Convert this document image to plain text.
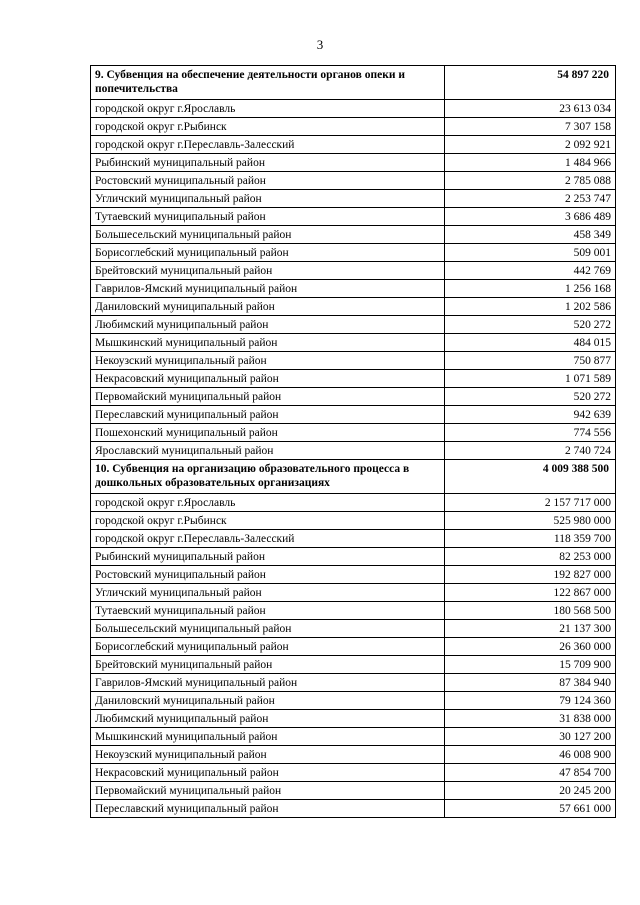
3
9. Субвенция на обеспечение деятельности органов опеки и попечительства	54 897 220
городской округ г.Ярославль	23 613 034
городской округ г.Рыбинск	7 307 158
городской округ г.Переславль-Залесский	2 092 921
Рыбинский муниципальный район	1 484 966
Ростовский муниципальный район	2 785 088
Угличский муниципальный район	2 253 747
Тутаевский муниципальный район	3 686 489
Большесельский муниципальный район	458 349
Борисоглебский муниципальный район	509 001
Брейтовский муниципальный район	442 769
Гаврилов-Ямский муниципальный район	1 256 168
Даниловский муниципальный район	1 202 586
Любимский муниципальный район	520 272
Мышкинский муниципальный район	484 015
Некоузский муниципальный район	750 877
Некрасовский муниципальный район	1 071 589
Первомайский муниципальный район	520 272
Переславский муниципальный район	942 639
Пошехонский муниципальный район	774 556
Ярославский муниципальный район	2 740 724
10. Субвенция на организацию образовательного процесса в дошкольных образовательных организациях	4 009 388 500
городской округ г.Ярославль	2 157 717 000
городской округ г.Рыбинск	525 980 000
городской округ г.Переславль-Залесский	118 359 700
Рыбинский муниципальный район	82 253 000
Ростовский муниципальный район	192 827 000
Угличский муниципальный район	122 867 000
Тутаевский муниципальный район	180 568 500
Большесельский муниципальный район	21 137 300
Борисоглебский муниципальный район	26 360 000
Брейтовский муниципальный район	15 709 900
Гаврилов-Ямский муниципальный район	87 384 940
Даниловский муниципальный район	79 124 360
Любимский муниципальный район	31 838 000
Мышкинский муниципальный район	30 127 200
Некоузский муниципальный район	46 008 900
Некрасовский муниципальный район	47 854 700
Первомайский муниципальный район	20 245 200
Переславский муниципальный район	57 661 000
